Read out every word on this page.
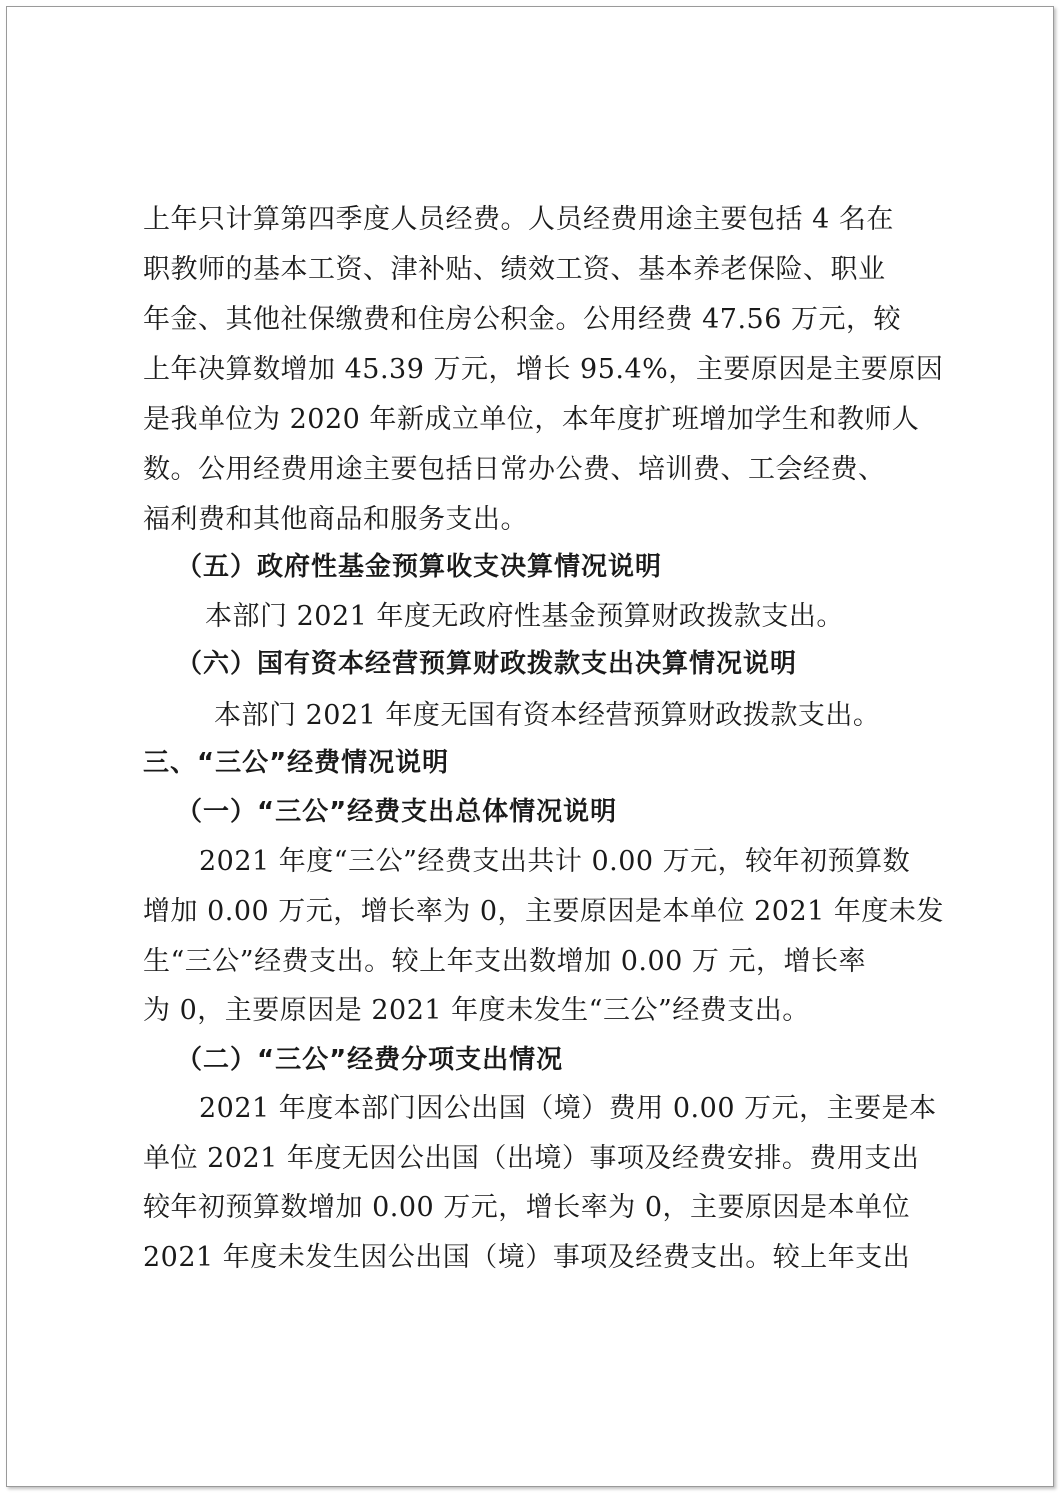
上年只计算第四季度人员经费。人员经费用途主要包括 4 名在
职教师的基本工资、津补贴、绩效工资、基本养老保险、职业
年金、其他社保缴费和住房公积金。公用经费 47.56 万元，较
上年决算数增加 45.39 万元，增长 95.4%，主要原因是主要原因
是我单位为 2020 年新成立单位，本年度扩班增加学生和教师人
数。公用经费用途主要包括日常办公费、培训费、工会经费、
福利费和其他商品和服务支出。
（五）政府性基金预算收支决算情况说明
本部门 2021 年度无政府性基金预算财政拨款支出。
（六）国有资本经营预算财政拨款支出决算情况说明
本部门 2021 年度无国有资本经营预算财政拨款支出。
三、“三公”经费情况说明
（一）“三公”经费支出总体情况说明
2021 年度“三公”经费支出共计 0.00 万元，较年初预算数
增加 0.00 万元，增长率为 0，主要原因是本单位 2021 年度未发
生“三公”经费支出。较上年支出数增加 0.00 万 元，增长率
为 0，主要原因是 2021 年度未发生“三公”经费支出。
（二）“三公”经费分项支出情况
2021 年度本部门因公出国（境）费用 0.00 万元，主要是本
单位 2021 年度无因公出国（出境）事项及经费安排。费用支出
较年初预算数增加 0.00 万元，增长率为 0，主要原因是本单位
2021 年度未发生因公出国（境）事项及经费支出。较上年支出
